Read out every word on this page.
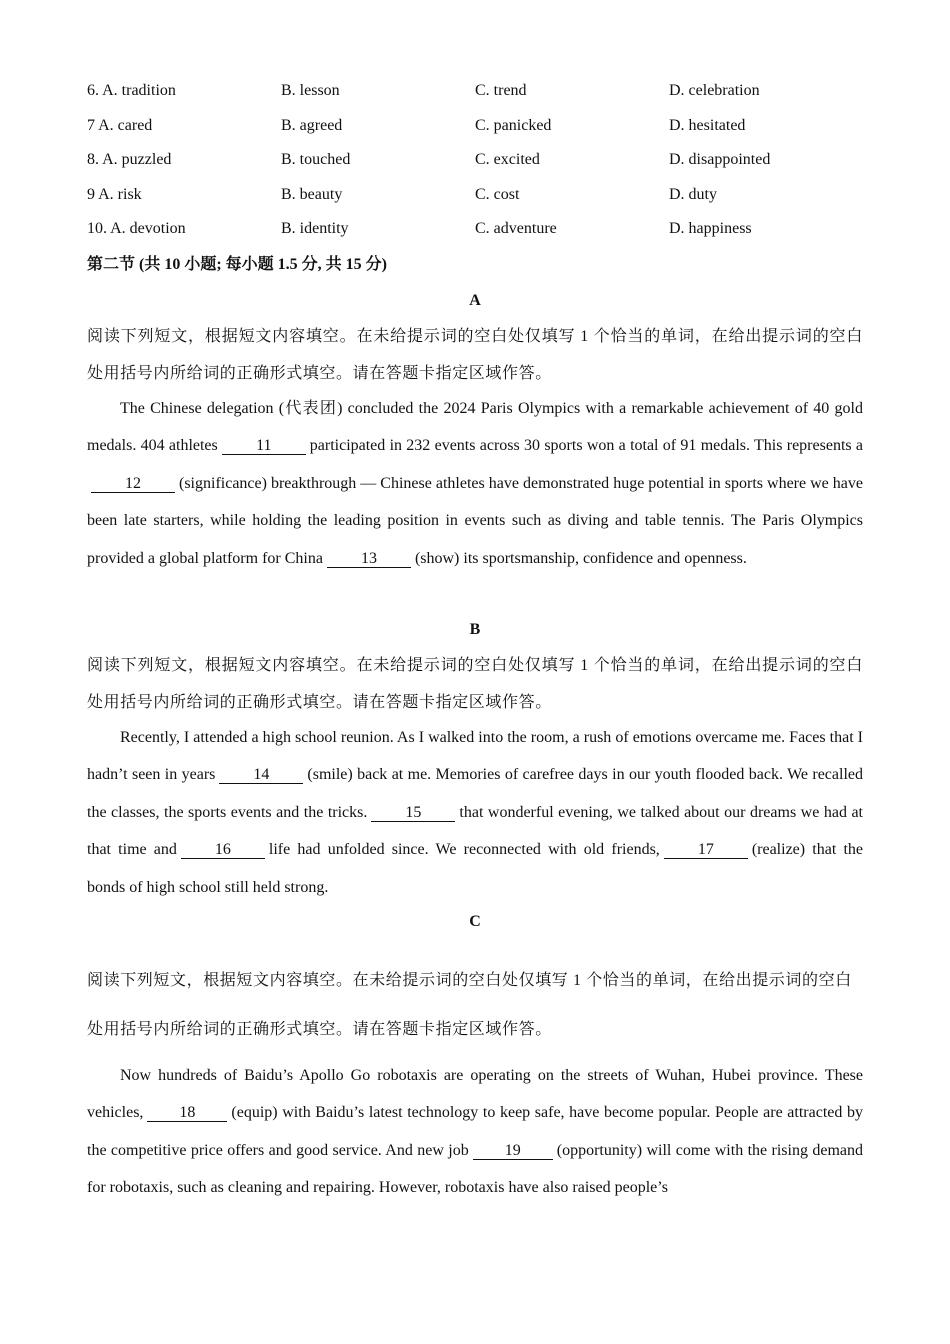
6. A. tradition	B. lesson	C. trend	D. celebration
7 A. cared	B. agreed	C. panicked	D. hesitated
8. A. puzzled	B. touched	C. excited	D. disappointed
9 A. risk	B. beauty	C. cost	D. duty
10. A. devotion	B. identity	C. adventure	D. happiness
第二节 (共 10 小题; 每小题 1.5 分, 共 15 分)
A

阅读下列短文，根据短文内容填空。在未给提示词的空白处仅填写 1 个恰当的单词，在给出提示词的空白处用括号内所给词的正确形式填空。请在答题卡指定区域作答。

The Chinese delegation (代表团) concluded the 2024 Paris Olympics with a remarkable achievement of 40 gold medals. 404 athletes 11 participated in 232 events across 30 sports won a total of 91 medals. This represents a12 (significance) breakthrough — Chinese athletes have demonstrated huge potential in sports where we have been late starters, while holding the leading position in events such as diving and table tennis. The Paris Olympics provided a global platform for China 13 (show) its sportsmanship, confidence and openness.

B

阅读下列短文，根据短文内容填空。在未给提示词的空白处仅填写 1 个恰当的单词，在给出提示词的空白处用括号内所给词的正确形式填空。请在答题卡指定区域作答。

Recently, I attended a high school reunion. As I walked into the room, a rush of emotions overcame me. Faces that I hadn’t seen in years 14 (smile) back at me. Memories of carefree days in our youth flooded back. We recalled the classes, the sports events and the tricks. 15 that wonderful evening, we talked about our dreams we had at that time and 16 life had unfolded since. We reconnected with old friends, 17 (realize) that the bonds of high school still held strong.

C

阅读下列短文，根据短文内容填空。在未给提示词的空白处仅填写 1 个恰当的单词，在给出提示词的空白处用括号内所给词的正确形式填空。请在答题卡指定区域作答。

Now hundreds of Baidu’s Apollo Go robotaxis are operating on the streets of Wuhan, Hubei province. These vehicles, 18 (equip) with Baidu’s latest technology to keep safe, have become popular. People are attracted by the competitive price offers and good service. And new job 19 (opportunity) will come with the rising demand for robotaxis, such as cleaning and repairing. However, robotaxis have also raised people’s
